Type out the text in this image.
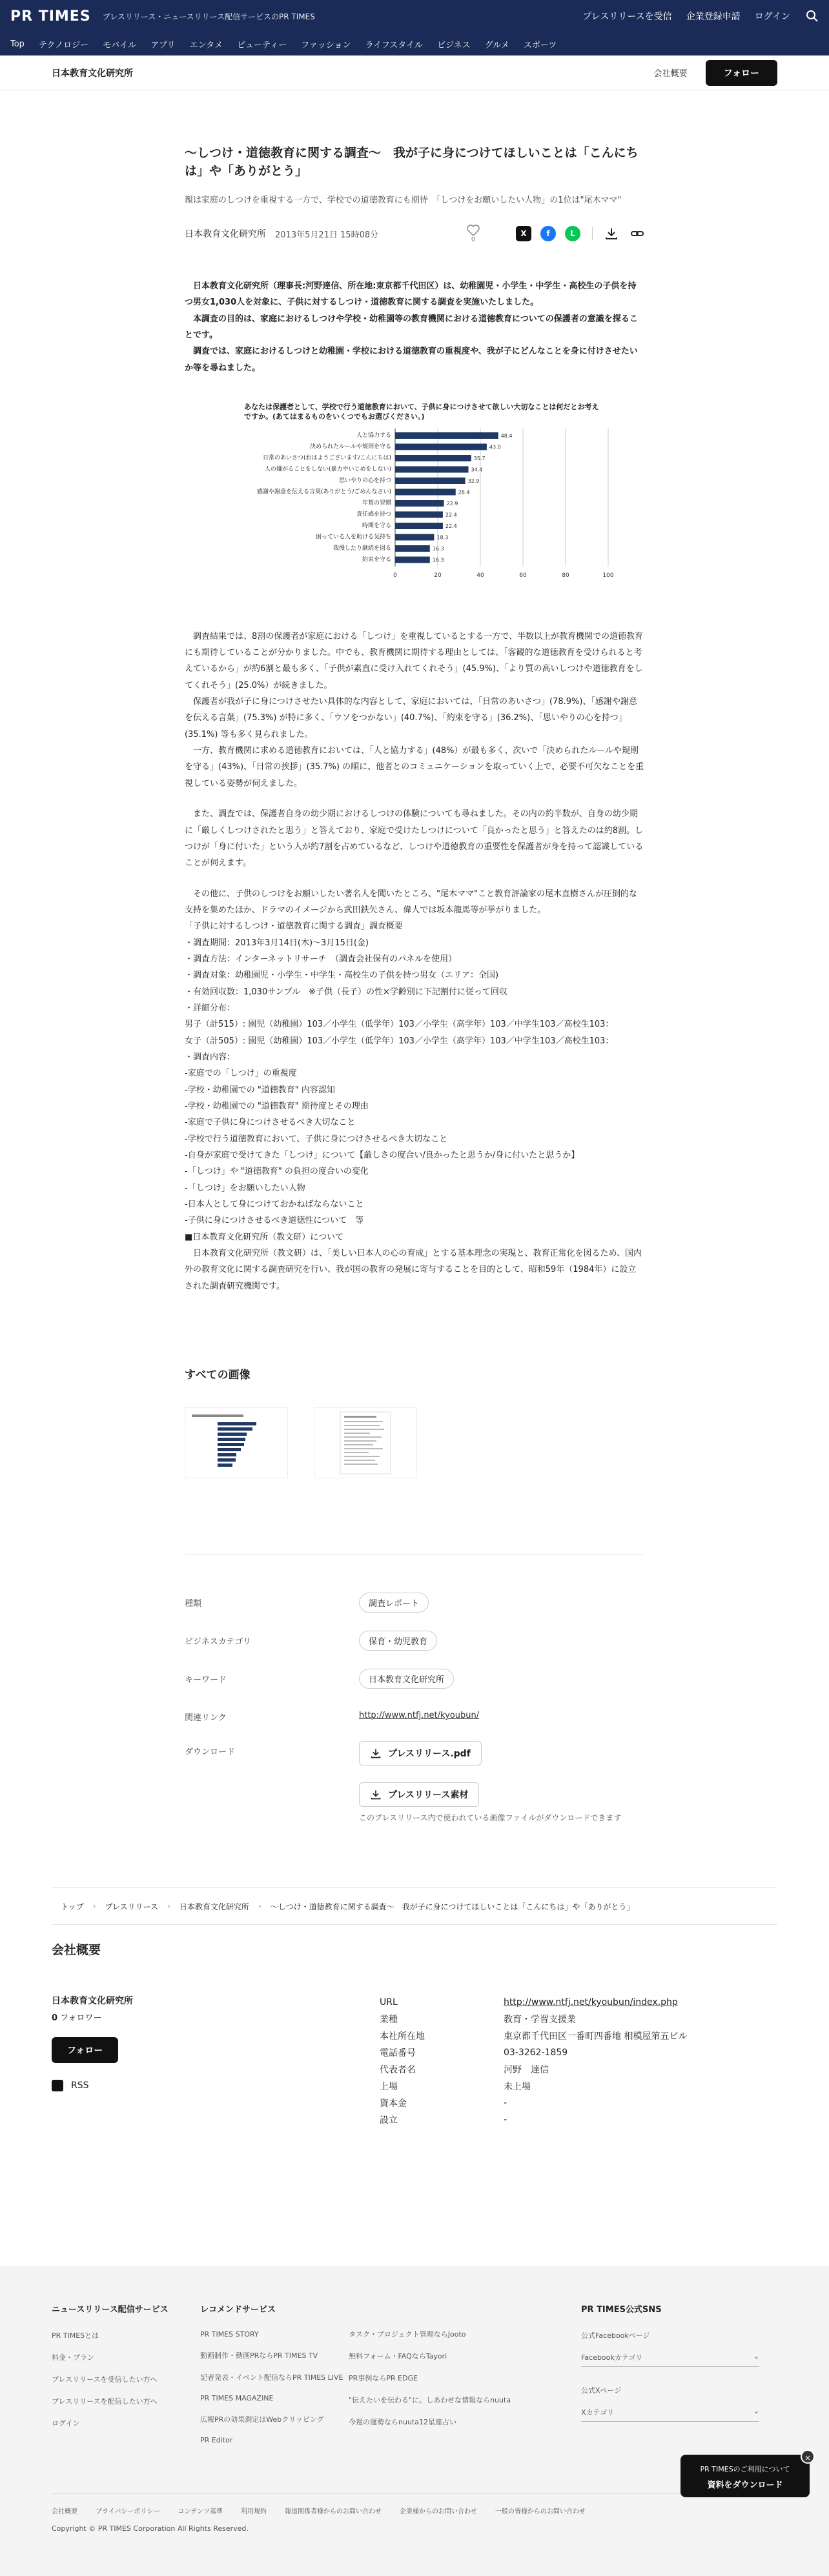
PR TIMES プレスリリース・ニュースリリース配信サービスのPR TIMES	プレスリリースを受信 企業登録申請 ログイン
Top テクノロジー モバイル アプリ エンタメ ビューティー ファッション ライフスタイル ビジネス グルメ スポーツ
日本教育文化研究所	会社概要	フォロー
～しつけ・道徳教育に関する調査～　我が子に身につけてほしいことは「こんにちは」や「ありがとう」
親は家庭のしつけを重視する一方で、学校での道徳教育にも期待　「しつけをお願いしたい人物」の1位は"尾木ママ"
日本教育文化研究所 2013年5月21日 15時08分	0
X	f	L

日本教育文化研究所（理事長:河野達信、所在地:東京都千代田区）は、幼稚園児・小学生・中学生・高校生の子供を持つ男女1,030人を対象に、子供に対するしつけ・道徳教育に関する調査を実施いたしました。

本調査の目的は、家庭におけるしつけや学校・幼稚園等の教育機関における道徳教育についての保護者の意識を探ることです。

調査では、家庭におけるしつけと幼稚園・学校における道徳教育の重視度や、我が子にどんなことを身に付けさせたいか等を尋ねました。

あなたは保護者として、学校で行う道徳教育において、子供に身につけさせて欲しい大切なことは何だとお考えですか。(あてはまるものをいくつでもお選びください。)
0	20	40	60	80	100
人と協力する	48.4
決められたルールや規則を守る	43.0
日常のあいさつ(おはようございます/こんにちは)	35.7
人の嫌がることをしない(暴力やいじめをしない)	34.4
思いやりの心を持つ	32.9
感謝や謝意を伝える言葉(ありがとう/ごめんなさい)	28.4
年賀の習慣	22.9
責任感を持つ	22.4
時間を守る	22.4
困っている人を助ける気持ち	18.3
我慢したり継続を図る	16.3
約束を守る	16.3

調査結果では、8割の保護者が家庭における「しつけ」を重視しているとする一方で、半数以上が教育機関での道徳教育にも期待していることが分かりました。中でも、教育機関に期待する理由としては、「客観的な道徳教育を受けられると考えているから」が約6割と最も多く、「子供が素直に受け入れてくれそう」(45.9%)、「より質の高いしつけや道徳教育をしてくれそう」(25.0%）が続きました。

保護者が我が子に身につけさせたい具体的な内容として、家庭においては、「日常のあいさつ」(78.9%)、「感謝や謝意を伝える言葉」(75.3%) が特に多く、「ウソをつかない」(40.7%)、「約束を守る」(36.2%)、「思いやりの心を持つ」(35.1%) 等も多く見られました。

一方、教育機関に求める道徳教育においては、「人と協力する」(48%）が最も多く、次いで「決められたルールや規則を守る」(43%)、「日常の挨拶」(35.7%) の順に、他者とのコミュニケーションを取っていく上で、必要不可欠なことを重視している姿勢が伺えました。

また、調査では、保護者自身の幼少期におけるしつけの体験についても尋ねました。その内の約半数が、自身の幼少期に「厳しくしつけされたと思う」と答えており、家庭で受けたしつけについて「良かったと思う」と答えたのは約8割。しつけが「身に付いた」という人が約7割を占めているなど、しつけや道徳教育の重要性を保護者が身を持って認識していることが伺えます。

その他に、子供のしつけをお願いしたい著名人を聞いたところ、"尾木ママ"こと教育評論家の尾木直樹さんが圧倒的な支持を集めたほか、ドラマのイメージから武田鉄矢さん、偉人では坂本龍馬等が挙がりました。

「子供に対するしつけ・道徳教育に関する調査」調査概要

・調査期間：2013年3月14日(木)～3月15日(金)

・調査方法：インターネットリサーチ　（調査会社保有のパネルを使用）

・調査対象：幼稚園児・小学生・中学生・高校生の子供を持つ男女（エリア：全国)

・有効回収数：1,030サンプル　※子供（長子）の性×学齢別に下記割付に従って回収

・詳細分布：

男子（計515）: 園児（幼稚園）103／小学生（低学年）103／小学生（高学年）103／中学生103／高校生103：

女子（計505）: 園児（幼稚園）103／小学生（低学年）103／小学生（高学年）103／中学生103／高校生103：

・調査内容：

-家庭での「しつけ」の重視度

-学校・幼稚園での "道徳教育" 内容認知

-学校・幼稚園での "道徳教育" 期待度とその理由

-家庭で子供に身につけさせるべき大切なこと

-学校で行う道徳教育において、子供に身につけさせるべき大切なこと

-自身が家庭で受けてきた「しつけ」について【厳しさの度合い/良かったと思うか/身に付いたと思うか】

-「しつけ」や "道徳教育" の負担の度合いの変化

-「しつけ」をお願いしたい人物

-日本人として身につけておかねばならないこと

-子供に身につけさせるべき道徳性について　等

■日本教育文化研究所（教文研）について

日本教育文化研究所（教文研）は、「美しい日本人の心の育成」とする基本理念の実現と、教育正常化を図るため、国内外の教育文化に関する調査研究を行い、我が国の教育の発展に寄与することを目的として、昭和59年（1984年）に設立された調査研究機関です。

すべての画像
種類	調査レポート
ビジネスカテゴリ	保育・幼児教育
キーワード	日本教育文化研究所
関連リンク	http://www.ntfj.net/kyoubun/
ダウンロード	プレスリリース.pdf
プレスリリース素材
このプレスリリース内で使われている画像ファイルがダウンロードできます
トップ › プレスリリース › 日本教育文化研究所 › ～しつけ・道徳教育に関する調査～　我が子に身につけてほしいことは「こんにちは」や「ありがとう」
会社概要
日本教育文化研究所
0 フォロワー
フォロー
RSS
URL	http://www.ntfj.net/kyoubun/index.php
業種	教育・学習支援業
本社所在地	東京都千代田区一番町四番地 相模屋第五ビル
電話番号	03-3262-1859
代表者名	河野　達信
上場	未上場
資本金	-
設立	-
ニュースリリース配信サービス
PR TIMESとは
料金・プラン
プレスリリースを受信したい方へ
プレスリリースを配信したい方へ
ログイン
レコメンドサービス
PR TIMES STORY
動画制作・動画PRならPR TIMES TV
記者発表・イベント配信ならPR TIMES LIVE
PR TIMES MAGAZINE
広報PRの効果測定はWebクリッピング
PR Editor
タスク・プロジェクト管理ならJooto
無料フォーム・FAQならTayori
PR事例ならPR EDGE
"伝えたいを伝わる"に。しあわせな情報ならnuuta
今週の運勢ならnuuta12星座占い
PR TIMES公式SNS
公式Facebookページ
Facebookカテゴリ	⌄
公式Xページ
Xカテゴリ	⌄
会社概要	プライバシーポリシー	コンテンツ基準	利用規約	報道関係者様からのお問い合わせ	企業様からのお問い合わせ	一般の皆様からのお問い合わせ
Copyright © PR TIMES Corporation All Rights Reserved.
×
PR TIMESのご利用について
資料をダウンロード
